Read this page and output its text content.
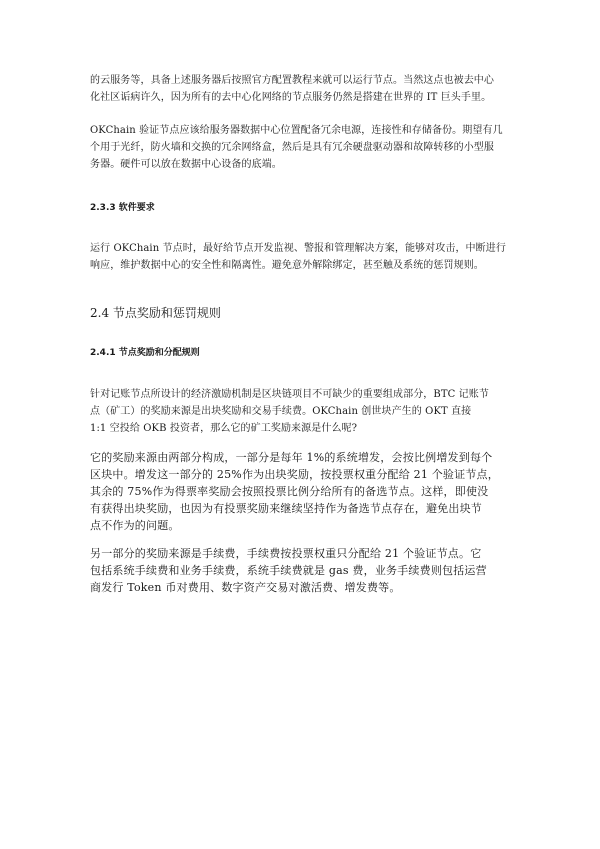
的云服务等，具备上述服务器后按照官方配置教程来就可以运行节点。当然这点也被去中心
化社区诟病许久，因为所有的去中心化网络的节点服务仍然是搭建在世界的 IT 巨头手里。

OKChain 验证节点应该给服务器数据中心位置配备冗余电源，连接性和存储备份。期望有几
个用于光纤，防火墙和交换的冗余网络盒，然后是具有冗余硬盘驱动器和故障转移的小型服
务器。硬件可以放在数据中心设备的底端。

2.3.3 软件要求

运行 OKChain 节点时，最好给节点开发监视、警报和管理解决方案，能够对攻击，中断进行
响应，维护数据中心的安全性和隔离性。避免意外解除绑定，甚至触及系统的惩罚规则。

2.4 节点奖励和惩罚规则
2.4.1 节点奖励和分配规则

针对记账节点所设计的经济激励机制是区块链项目不可缺少的重要组成部分，BTC 记账节
点（矿工）的奖励来源是出块奖励和交易手续费。OKChain 创世块产生的 OKT 直接
1:1 空投给 OKB 投资者，那么它的矿工奖励来源是什么呢?

它的奖励来源由两部分构成，一部分是每年 1%的系统增发，会按比例增发到每个
区块中。增发这一部分的 25%作为出块奖励，按投票权重分配给 21 个验证节点，
其余的 75%作为得票率奖励会按照投票比例分给所有的备选节点。这样，即使没
有获得出块奖励，也因为有投票奖励来继续坚持作为备选节点存在，避免出块节
点不作为的问题。

另一部分的奖励来源是手续费，手续费按投票权重只分配给 21 个验证节点。它
包括系统手续费和业务手续费，系统手续费就是 gas 费，业务手续费则包括运营
商发行 Token 币对费用、数字资产交易对激活费、增发费等。
